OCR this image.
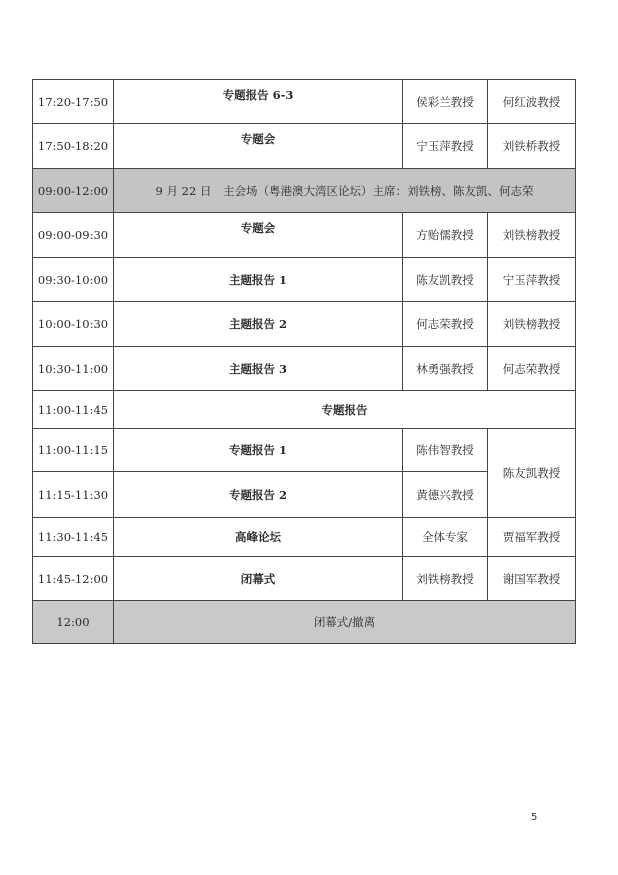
17:20-17:50	专题报告 6-3	侯彩兰教授	何红波教授
17:50-18:20	专题会	宁玉萍教授	刘铁桥教授
09:00-12:00	9 月 22 日　主会场（粤港澳大湾区论坛）主席：刘铁榜、陈友凯、何志荣		
09:00-09:30	专题会	方贻儒教授	刘铁榜教授
09:30-10:00	主题报告 1	陈友凯教授	宁玉萍教授
10:00-10:30	主题报告 2	何志荣教授	刘铁榜教授
10:30-11:00	主题报告 3	林勇强教授	何志荣教授
11:00-11:45	专题报告		
11:00-11:15	专题报告 1	陈伟智教授	陈友凯教授
11:15-11:30	专题报告 2	黄德兴教授	
11:30-11:45	高峰论坛	全体专家	贾福军教授
11:45-12:00	闭幕式	刘铁榜教授	谢国军教授
12:00	闭幕式/撤离		
5
